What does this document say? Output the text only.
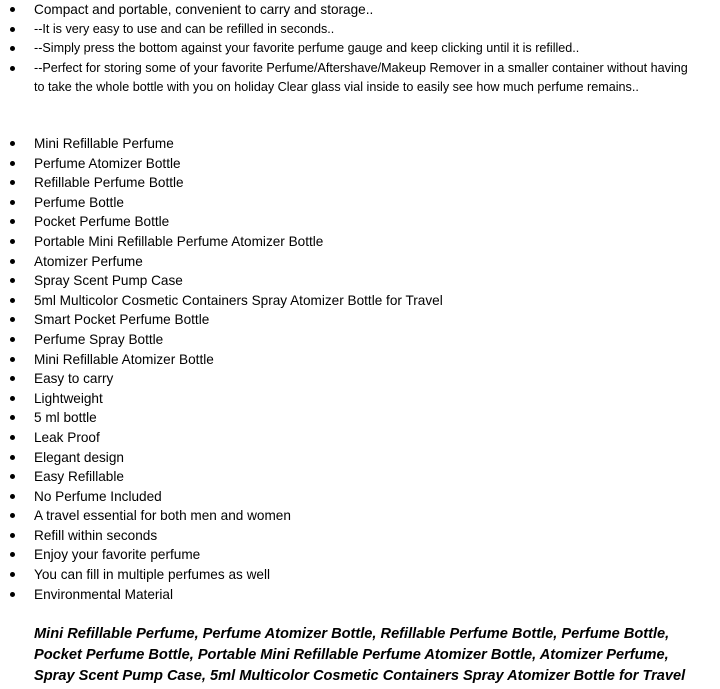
Compact and portable, convenient to carry and storage..
--It is very easy to use and can be refilled in seconds..
--Simply press the bottom against your favorite perfume gauge and keep clicking until it is refilled..
--Perfect for storing some of your favorite Perfume/Aftershave/Makeup Remover in a smaller container without having to take the whole bottle with you on holiday Clear glass vial inside to easily see how much perfume remains..
Mini Refillable Perfume
Perfume Atomizer Bottle
Refillable Perfume Bottle
Perfume Bottle
Pocket Perfume Bottle
Portable Mini Refillable Perfume Atomizer Bottle
Atomizer Perfume
Spray Scent Pump Case
5ml Multicolor Cosmetic Containers Spray Atomizer Bottle for Travel
Smart Pocket Perfume Bottle
Perfume Spray Bottle
Mini Refillable Atomizer Bottle
Easy to carry
Lightweight
5 ml bottle
Leak Proof
Elegant design
Easy Refillable
No Perfume Included
A travel essential for both men and women
Refill within seconds
Enjoy your favorite perfume
You can fill in multiple perfumes as well
Environmental Material
Mini Refillable Perfume, Perfume Atomizer Bottle, Refillable Perfume Bottle, Perfume Bottle,
Pocket Perfume Bottle, Portable Mini Refillable Perfume Atomizer Bottle, Atomizer Perfume,
Spray Scent Pump Case, 5ml Multicolor Cosmetic Containers Spray Atomizer Bottle for Travel
